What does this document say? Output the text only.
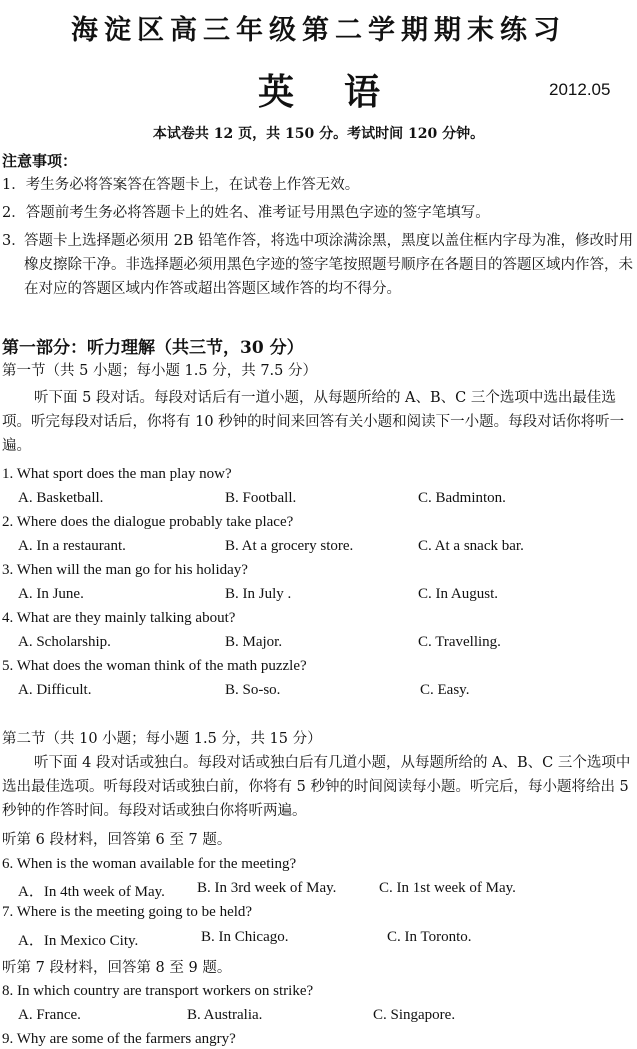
海淀区高三年级第二学期期末练习
英语	2012.05
本试卷共 12 页，共 150 分。考试时间 120 分钟。
注意事项：
1．考生务必将答案答在答题卡上，在试卷上作答无效。
2．答题前考生务必将答题卡上的姓名、准考证号用黑色字迹的签字笔填写。
3．
答题卡上选择题必须用 2B 铅笔作答，将选中项涂满涂黑，黑度以盖住框内字母为准，修改时用橡皮擦除干净。非选择题必须用黑色字迹的签字笔按照题号顺序在各题目的答题区域内作答，未在对应的答题区域内作答或超出答题区域作答的均不得分。
第一部分：听力理解（共三节，30 分）
第一节（共 5 小题；每小题 1.5 分，共 7.5 分）
听下面 5 段对话。每段对话后有一道小题，从每题所给的 A、B、C 三个选项中选出最佳选项。听完每段对话后，你将有 10 秒钟的时间来回答有关小题和阅读下一小题。每段对话你将听一遍。
1. What sport does the man play now?
A. Basketball.	B. Football.	C. Badminton.
2. Where does the dialogue probably take place?
A. In a restaurant.	B. At a grocery store.	C. At a snack bar.
3. When will the man go for his holiday?
A. In June.	B. In July .	C. In August.
4. What are they mainly talking about?
A. Scholarship.	B. Major.	C. Travelling.
5. What does the woman think of the math puzzle?
A. Difficult.	B. So-so.	C. Easy.
第二节（共 10 小题；每小题 1.5 分，共 15 分）
听下面 4 段对话或独白。每段对话或独白后有几道小题，从每题所给的 A、B、C 三个选项中选出最佳选项。听每段对话或独白前，你将有 5 秒钟的时间阅读每小题。听完后，每小题将给出 5 秒钟的作答时间。每段对话或独白你将听两遍。
听第 6 段材料，回答第 6 至 7 题。
6. When is the woman available for the meeting?
A．In 4th week of May. B. In 3rd week of May.	C. In 1st week of May.
7. Where is the meeting going to be held?
A．In Mexico City.	B. In Chicago.	C. In Toronto.
听第 7 段材料，回答第 8 至 9 题。
8. In which country are transport workers on strike?
A. France.	B. Australia.	C. Singapore.
9. Why are some of the farmers angry?
